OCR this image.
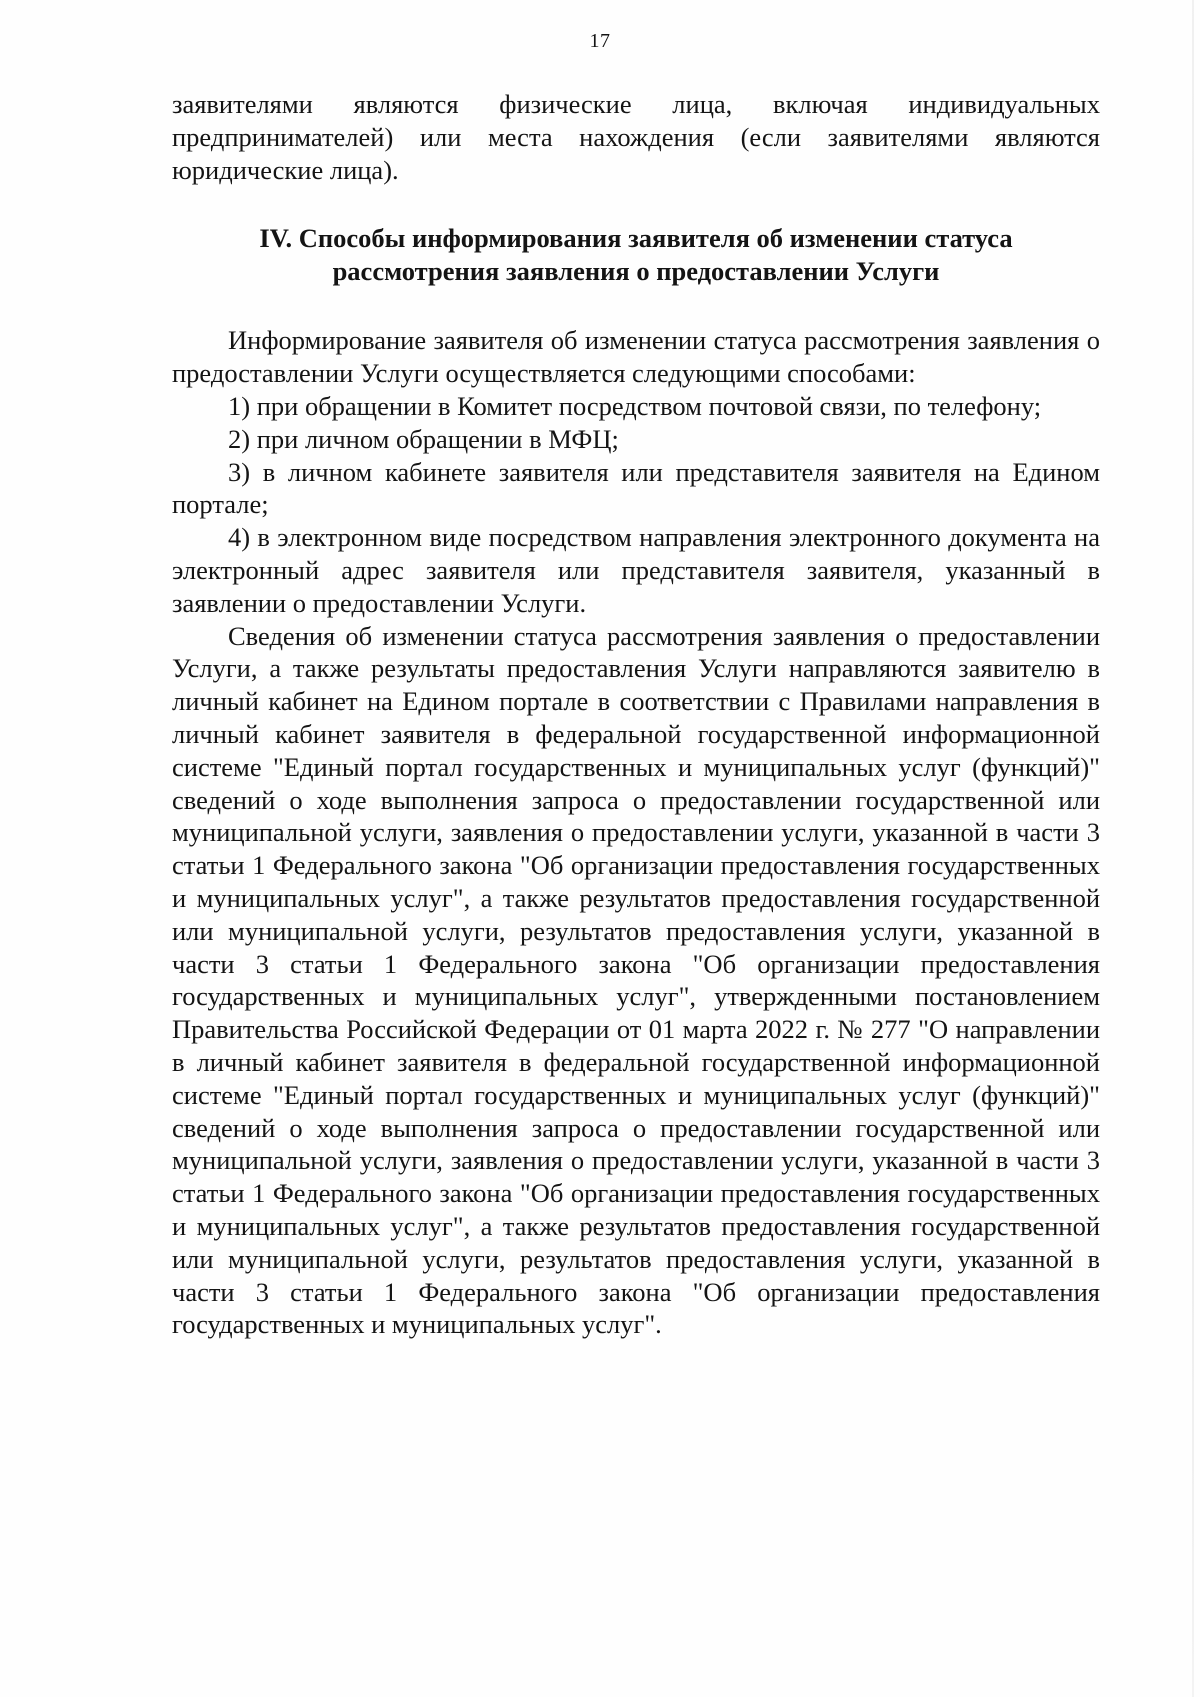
17

заявителями являются физические лица, включая индивидуальных предпринимателей) или места нахождения (если заявителями являются юридические лица).

IV. Способы информирования заявителя об изменении статуса
рассмотрения заявления о предоставлении Услуги

Информирование заявителя об изменении статуса рассмотрения заявления о предоставлении Услуги осуществляется следующими способами:

1) при обращении в Комитет посредством почтовой связи, по телефону;

2) при личном обращении в МФЦ;

3) в личном кабинете заявителя или представителя заявителя на Едином портале;

4) в электронном виде посредством направления электронного документа на электронный адрес заявителя или представителя заявителя, указанный в заявлении о предоставлении Услуги.

Сведения об изменении статуса рассмотрения заявления о предоставлении Услуги, а также результаты предоставления Услуги направляются заявителю в личный кабинет на Едином портале в соответствии с Правилами направления в личный кабинет заявителя в федеральной государственной информационной системе "Единый портал государственных и муниципальных услуг (функций)" сведений о ходе выполнения запроса о предоставлении государственной или муниципальной услуги, заявления о предоставлении услуги, указанной в части 3 статьи 1 Федерального закона "Об организации предоставления государственных и муниципальных услуг", а также результатов предоставления государственной или муниципальной услуги, результатов предоставления услуги, указанной в части 3 статьи 1 Федерального закона "Об организации предоставления государственных и муниципальных услуг", утвержденными постановлением Правительства Российской Федерации от 01 марта 2022 г. № 277 "О направлении в личный кабинет заявителя в федеральной государственной информационной системе "Единый портал государственных и муниципальных услуг (функций)" сведений о ходе выполнения запроса о предоставлении государственной или муниципальной услуги, заявления о предоставлении услуги, указанной в части 3 статьи 1 Федерального закона "Об организации предоставления государственных и муниципальных услуг", а также результатов предоставления государственной или муниципальной услуги, результатов предоставления услуги, указанной в части 3 статьи 1 Федерального закона "Об организации предоставления государственных и муниципальных услуг".
